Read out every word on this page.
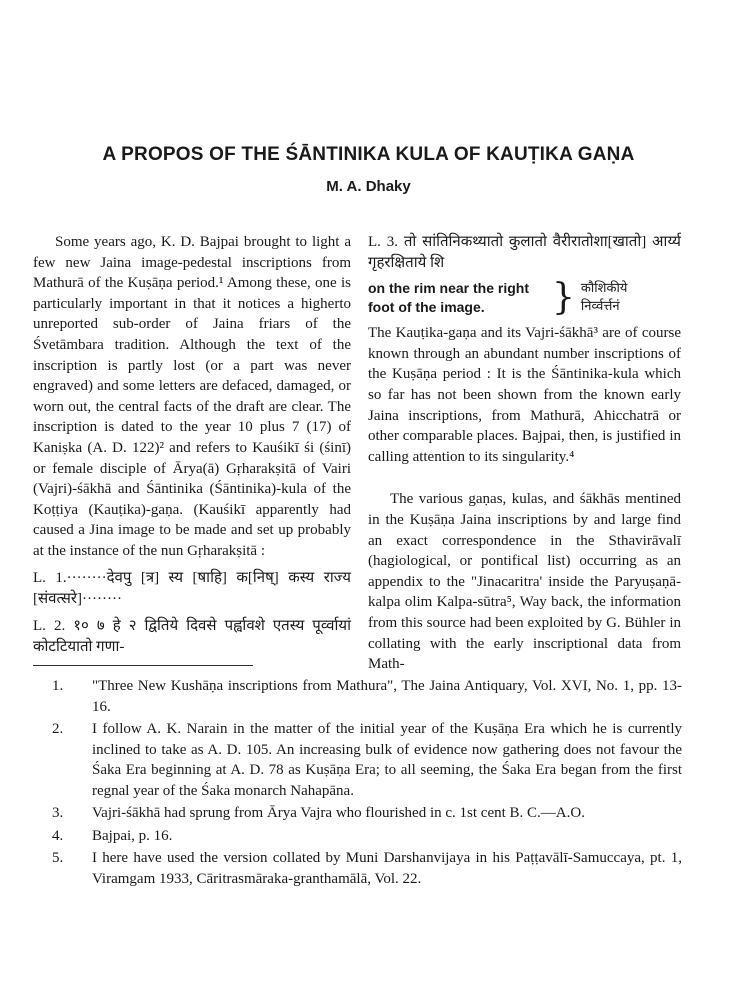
A PROPOS OF THE ŚĀNTINIKA KULA OF KAUṬIKA GAṆA
M. A. Dhaky

Some years ago, K. D. Bajpai brought to light a few new Jaina image-pedestal inscriptions from Mathurā of the Kuṣāṇa period.¹ Among these, one is particularly important in that it notices a higherto unreported sub-order of Jaina friars of the Śvetāmbara tradition. Although the text of the inscription is partly lost (or a part was never engraved) and some letters are defaced, damaged, or worn out, the central facts of the draft are clear. The inscription is dated to the year 10 plus 7 (17) of Kaniṣka (A. D. 122)² and refers to Kauśikī śi (śinī) or female disciple of Ārya(ā) Gṛharakṣitā of Vairi (Vajri)-śākhā and Śāntinika (Śāntinika)-kula of the Koṭṭiya (Kauṭika)-gaṇa. (Kauśikī apparently had caused a Jina image to be made and set up probably at the instance of the nun Gṛharakṣitā :

L. 1.········देवपु [त्र] स्य [षाहि] क[निष्] कस्य राज्य [संवत्सरे]········

L. 2. १० ७ हे २ द्वितिये दिवसे पर्ह्वावशे एतस्य पूर्व्वायां कोटटियातो गणा-

L. 3. तो सांतिनिकथ्यातो कुलातो वैरीरातोशा[खातो] आर्य्य गृहरक्षिताये शि

on the rim near the right foot of the image.	} कौशिकीये
निर्व्वर्त्तनं

The Kauṭika-gaṇa and its Vajri-śākhā³ are of course known through an abundant number inscriptions of the Kuṣāṇa period : It is the Śāntinika-kula which so far has not been shown from the known early Jaina inscriptions, from Mathurā, Ahicchatrā or other comparable places. Bajpai, then, is justified in calling attention to its singularity.⁴

The various gaṇas, kulas, and śākhās mentined in the Kuṣāṇa Jaina inscriptions by and large find an exact correspondence in the Sthavirāvalī (hagiological, or pontifical list) occurring as an appendix to the "Jinacaritra' inside the Paryuṣaṇā-kalpa olim Kalpa-sūtra⁵, Way back, the information from this source had been exploited by G. Bühler in collating with the early inscriptional data from Math-

1.	"Three New Kushāṇa inscriptions from Mathura", The Jaina Antiquary, Vol. XVI, No. 1, pp. 13-16.
2.	I follow A. K. Narain in the matter of the initial year of the Kuṣāṇa Era which he is currently inclined to take as A. D. 105. An increasing bulk of evidence now gathering does not favour the Śaka Era beginning at A. D. 78 as Kuṣāṇa Era; to all seeming, the Śaka Era began from the first regnal year of the Śaka monarch Nahapāna.
3.	Vajri-śākhā had sprung from Ārya Vajra who flourished in c. 1st cent B. C.—A.O.
4.	Bajpai, p. 16.
5.	I here have used the version collated by Muni Darshanvijaya in his Paṭṭavālī-Samuccaya, pt. 1, Viramgam 1933, Cāritrasmāraka-granthamālā, Vol. 22.
